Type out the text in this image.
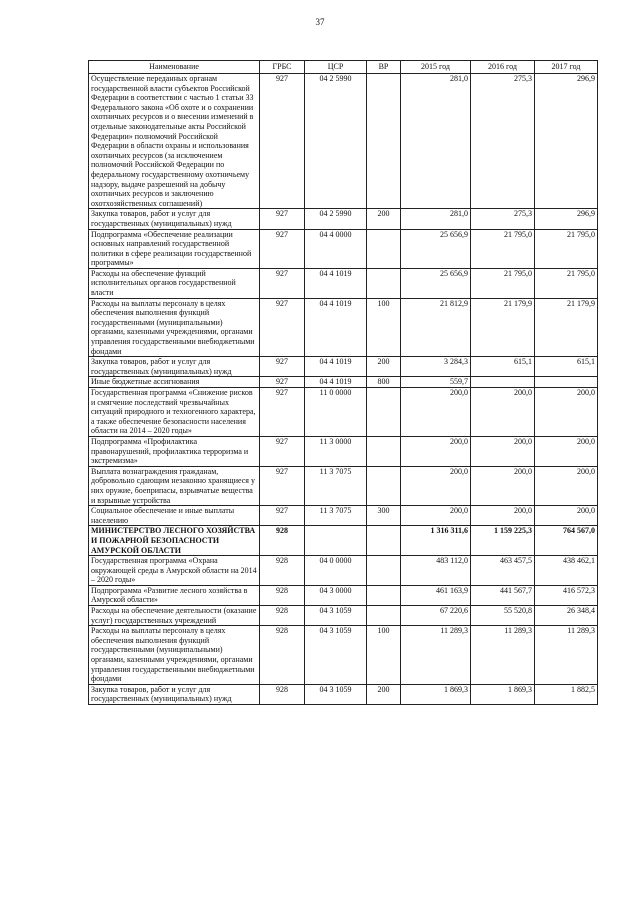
37
Наименование	ГРБС	ЦСР	ВР	2015 год	2016 год	2017 год
Осуществление переданных органам государственной власти субъектов Российской Федерации в соответствии с частью 1 статьи 33 Федерального закона «Об охоте и о сохранении охотничьих ресурсов и о внесении изменений в отдельные законодательные акты Российской Федерации» полномочий Российской Федерации в области охраны и использования охотничьих ресурсов (за исключением полномочий Российской Федерации по федеральному государственному охотничьему надзору, выдаче разрешений на добычу охотничьих ресурсов и заключению охотхозяйственных соглашений)	927	04 2 5990		281,0	275,3	296,9
Закупка товаров, работ и услуг для государственных (муниципальных) нужд	927	04 2 5990	200	281,0	275,3	296,9
Подпрограмма «Обеспечение реализации основных направлений государственной политики в сфере реализации государственной программы»	927	04 4 0000		25 656,9	21 795,0	21 795,0
Расходы на обеспечение функций исполнительных органов государственной власти	927	04 4 1019		25 656,9	21 795,0	21 795,0
Расходы на выплаты персоналу в целях обеспечения выполнения функций государственными (муниципальными) органами, казенными учреждениями, органами управления государственными внебюджетными фондами	927	04 4 1019	100	21 812,9	21 179,9	21 179,9
Закупка товаров, работ и услуг для государственных (муниципальных) нужд	927	04 4 1019	200	3 284,3	615,1	615,1
Иные бюджетные ассигнования	927	04 4 1019	800	559,7		
Государственная программа «Снижение рисков и смягчение последствий чрезвычайных ситуаций природного и техногенного характера, а также обеспечение безопасности населения области на 2014 – 2020 годы»	927	11 0 0000		200,0	200,0	200,0
Подпрограмма «Профилактика правонарушений, профилактика терроризма и экстремизма»	927	11 3 0000		200,0	200,0	200,0
Выплата вознаграждения гражданам, добровольно сдающим незаконно хранящиеся у них оружие, боеприпасы, взрывчатые вещества и взрывные устройства	927	11 3 7075		200,0	200,0	200,0
Социальное обеспечение и иные выплаты населению	927	11 3 7075	300	200,0	200,0	200,0
МИНИСТЕРСТВО ЛЕСНОГО ХОЗЯЙСТВА И ПОЖАРНОЙ БЕЗОПАСНОСТИ АМУРСКОЙ ОБЛАСТИ	928			1 316 311,6	1 159 225,3	764 567,0
Государственная программа «Охрана окружающей среды в Амурской области на 2014 – 2020 годы»	928	04 0 0000		483 112,0	463 457,5	438 462,1
Подпрограмма «Развитие лесного хозяйства в Амурской области»	928	04 3 0000		461 163,9	441 567,7	416 572,3
Расходы на обеспечение деятельности (оказание услуг) государственных учреждений	928	04 3 1059		67 220,6	55 520,8	26 348,4
Расходы на выплаты персоналу в целях обеспечения выполнения функций государственными (муниципальными) органами, казенными учреждениями, органами управления государственными внебюджетными фондами	928	04 3 1059	100	11 289,3	11 289,3	11 289,3
Закупка товаров, работ и услуг для государственных (муниципальных) нужд	928	04 3 1059	200	1 869,3	1 869,3	1 882,5
